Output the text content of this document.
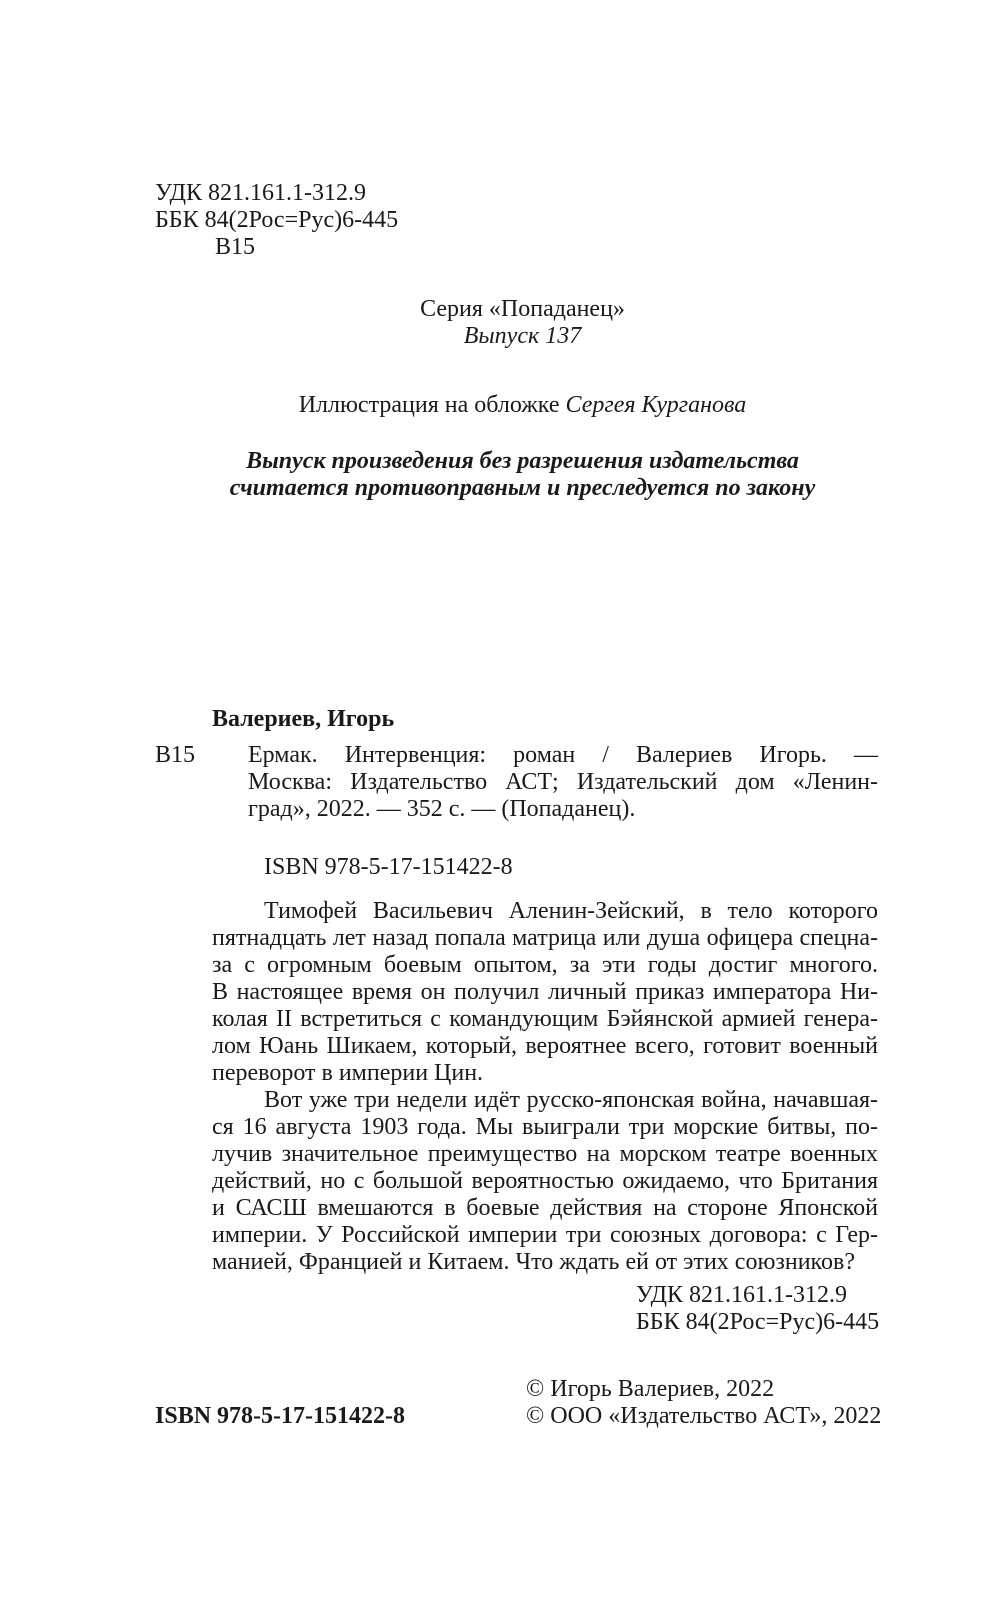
УДК 821.161.1-312.9
ББК 84(2Рос=Рус)6-445
В15
Серия «Попаданец»
Выпуск 137
Иллюстрация на обложке Сергея Курганова
Выпуск произведения без разрешения издательства
считается противоправным и преследуется по закону
Валериев, Игорь
В15 Ермак. Интервенция: роман / Валериев Игорь. —
Москва: Издательство АСТ; Издательский дом «Ленин-
град», 2022. — 352 с. — (Попаданец).
ISBN 978-5-17-151422-8
Тимофей Васильевич Аленин-Зейский, в тело которого
пятнадцать лет назад попала матрица или душа офицера спецна-
за с огромным боевым опытом, за эти годы достиг многого.
В настоящее время он получил личный приказ императора Ни-
колая II встретиться с командующим Бэйянской армией генера-
лом Юань Шикаем, который, вероятнее всего, готовит военный
переворот в империи Цин.
Вот уже три недели идёт русско-японская война, начавшая-
ся 16 августа 1903 года. Мы выиграли три морские битвы, по-
лучив значительное преимущество на морском театре военных
действий, но с большой вероятностью ожидаемо, что Британия
и САСШ вмешаются в боевые действия на стороне Японской
империи. У Российской империи три союзных договора: с Гер-
манией, Францией и Китаем. Что ждать ей от этих союзников?
УДК 821.161.1-312.9
ББК 84(2Рос=Рус)6-445
© Игорь Валериев, 2022
© ООО «Издательство АСТ», 2022
ISBN 978-5-17-151422-8
